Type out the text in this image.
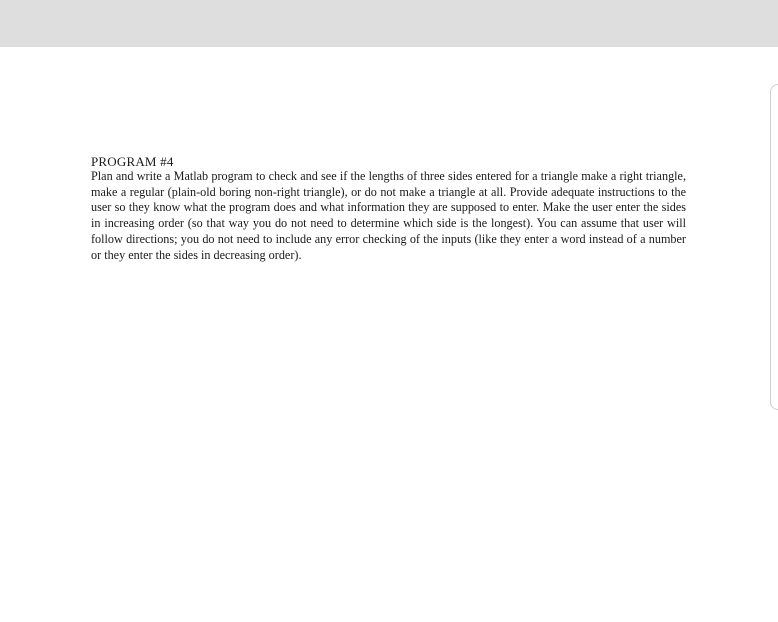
PROGRAM #4

Plan and write a Matlab program to check and see if the lengths of three sides entered for a triangle make a right triangle, make a regular (plain-old boring non-right triangle), or do not make a triangle at all. Provide adequate instructions to the user so they know what the program does and what information they are supposed to enter. Make the user enter the sides in increasing order (so that way you do not need to determine which side is the longest). You can assume that user will follow directions; you do not need to include any error checking of the inputs (like they enter a word instead of a number or they enter the sides in decreasing order).
